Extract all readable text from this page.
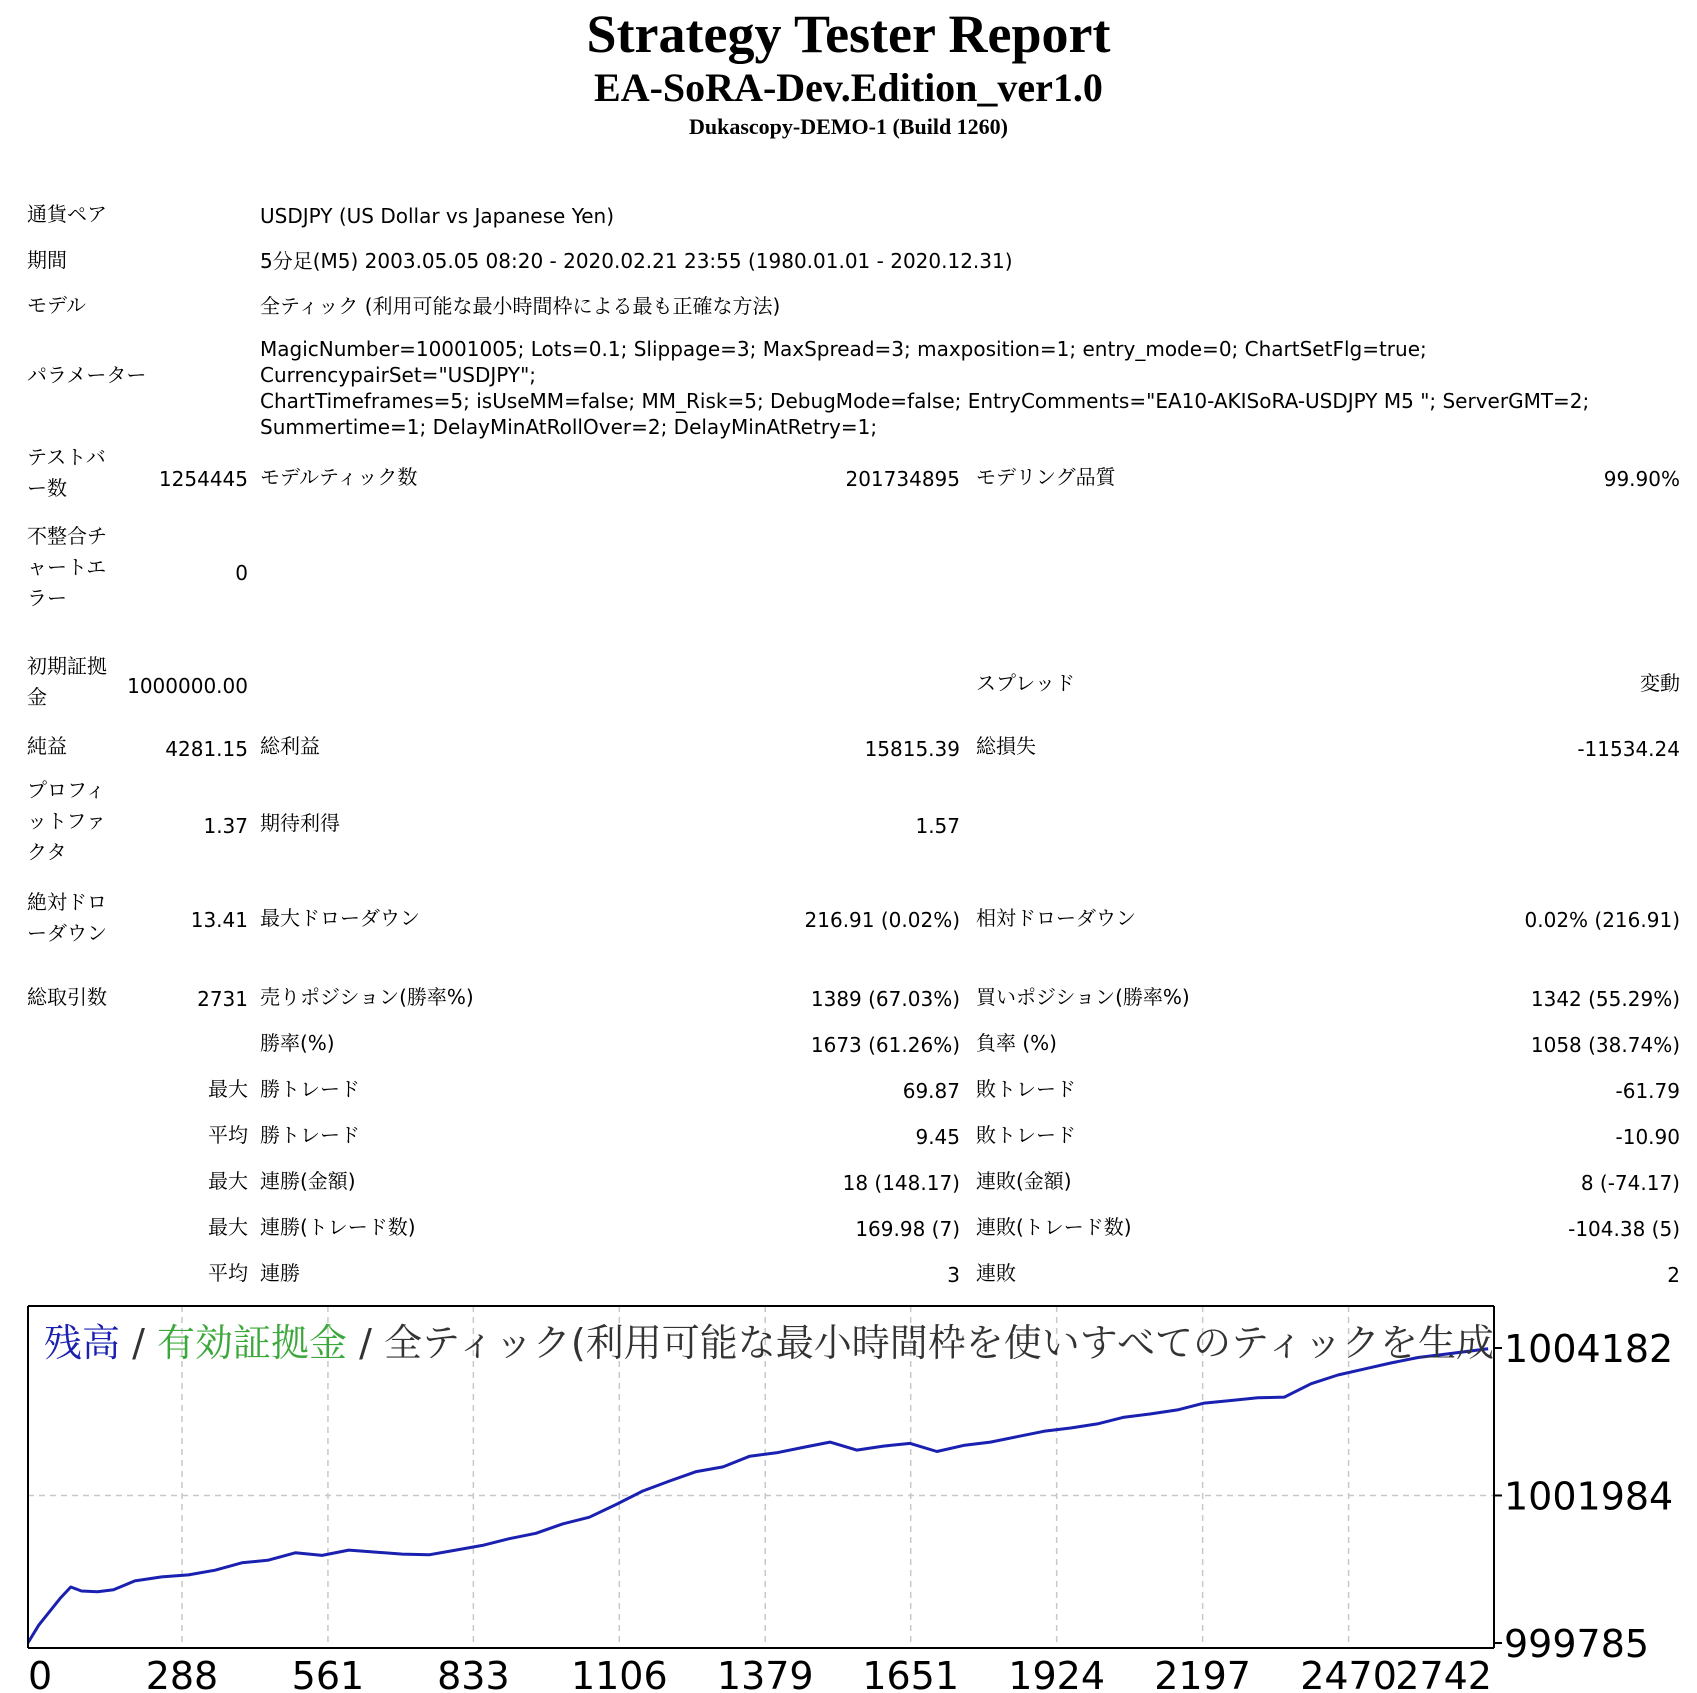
Strategy Tester Report
EA-SoRA-Dev.Edition_ver1.0
Dukascopy-DEMO-1 (Build 1260)
通貨ペア	USDJPY (US Dollar vs Japanese Yen)
期間	5分足(M5) 2003.05.05 08:20 - 2020.02.21 23:55 (1980.01.01 - 2020.12.31)
モデル	全ティック (利用可能な最小時間枠による最も正確な方法)
パラメーター
MagicNumber=10001005; Lots=0.1; Slippage=3; MaxSpread=3; maxposition=1; entry_mode=0; ChartSetFlg=true; CurrencypairSet="USDJPY";
ChartTimeframes=5; isUseMM=false; MM_Risk=5; DebugMode=false; EntryComments="EA10-AKISoRA-USDJPY M5 "; ServerGMT=2;
Summertime=1; DelayMinAtRollOver=2; DelayMinAtRetry=1;
テストバ
ー数	1254445 モデルティック数	201734895 モデリング品質	99.90%
不整合チ
ャートエ
ラー
0
初期証拠
金	1000000.00	スプレッド	変動
純益	4281.15 総利益	15815.39 総損失	-11534.24
プロフィ
ットファ
クタ
1.37 期待利得	1.57
絶対ドロ
ーダウン
13.41 最大ドローダウン	216.91 (0.02%) 相対ドローダウン	0.02% (216.91)
総取引数	2731 売りポジション(勝率%)	1389 (67.03%) 買いポジション(勝率%)	1342 (55.29%)
勝率(%)	1673 (61.26%) 負率 (%)	1058 (38.74%)
最大 勝トレード	69.87 敗トレード	-61.79
平均 勝トレード	9.45 敗トレード	-10.90
最大 連勝(金額)	18 (148.17) 連敗(金額)	8 (-74.17)
最大 連勝(トレード数)	169.98 (7) 連敗(トレード数)	-104.38 (5)
平均 連勝	3 連敗	2
残高 / 有効証拠金 / 全ティック(利用可能な最小時間枠を使いすべてのティックを生成
0 288 561 833 1106 1379 1651 1924 2197 2470
2742
1004182
1001984
999785
